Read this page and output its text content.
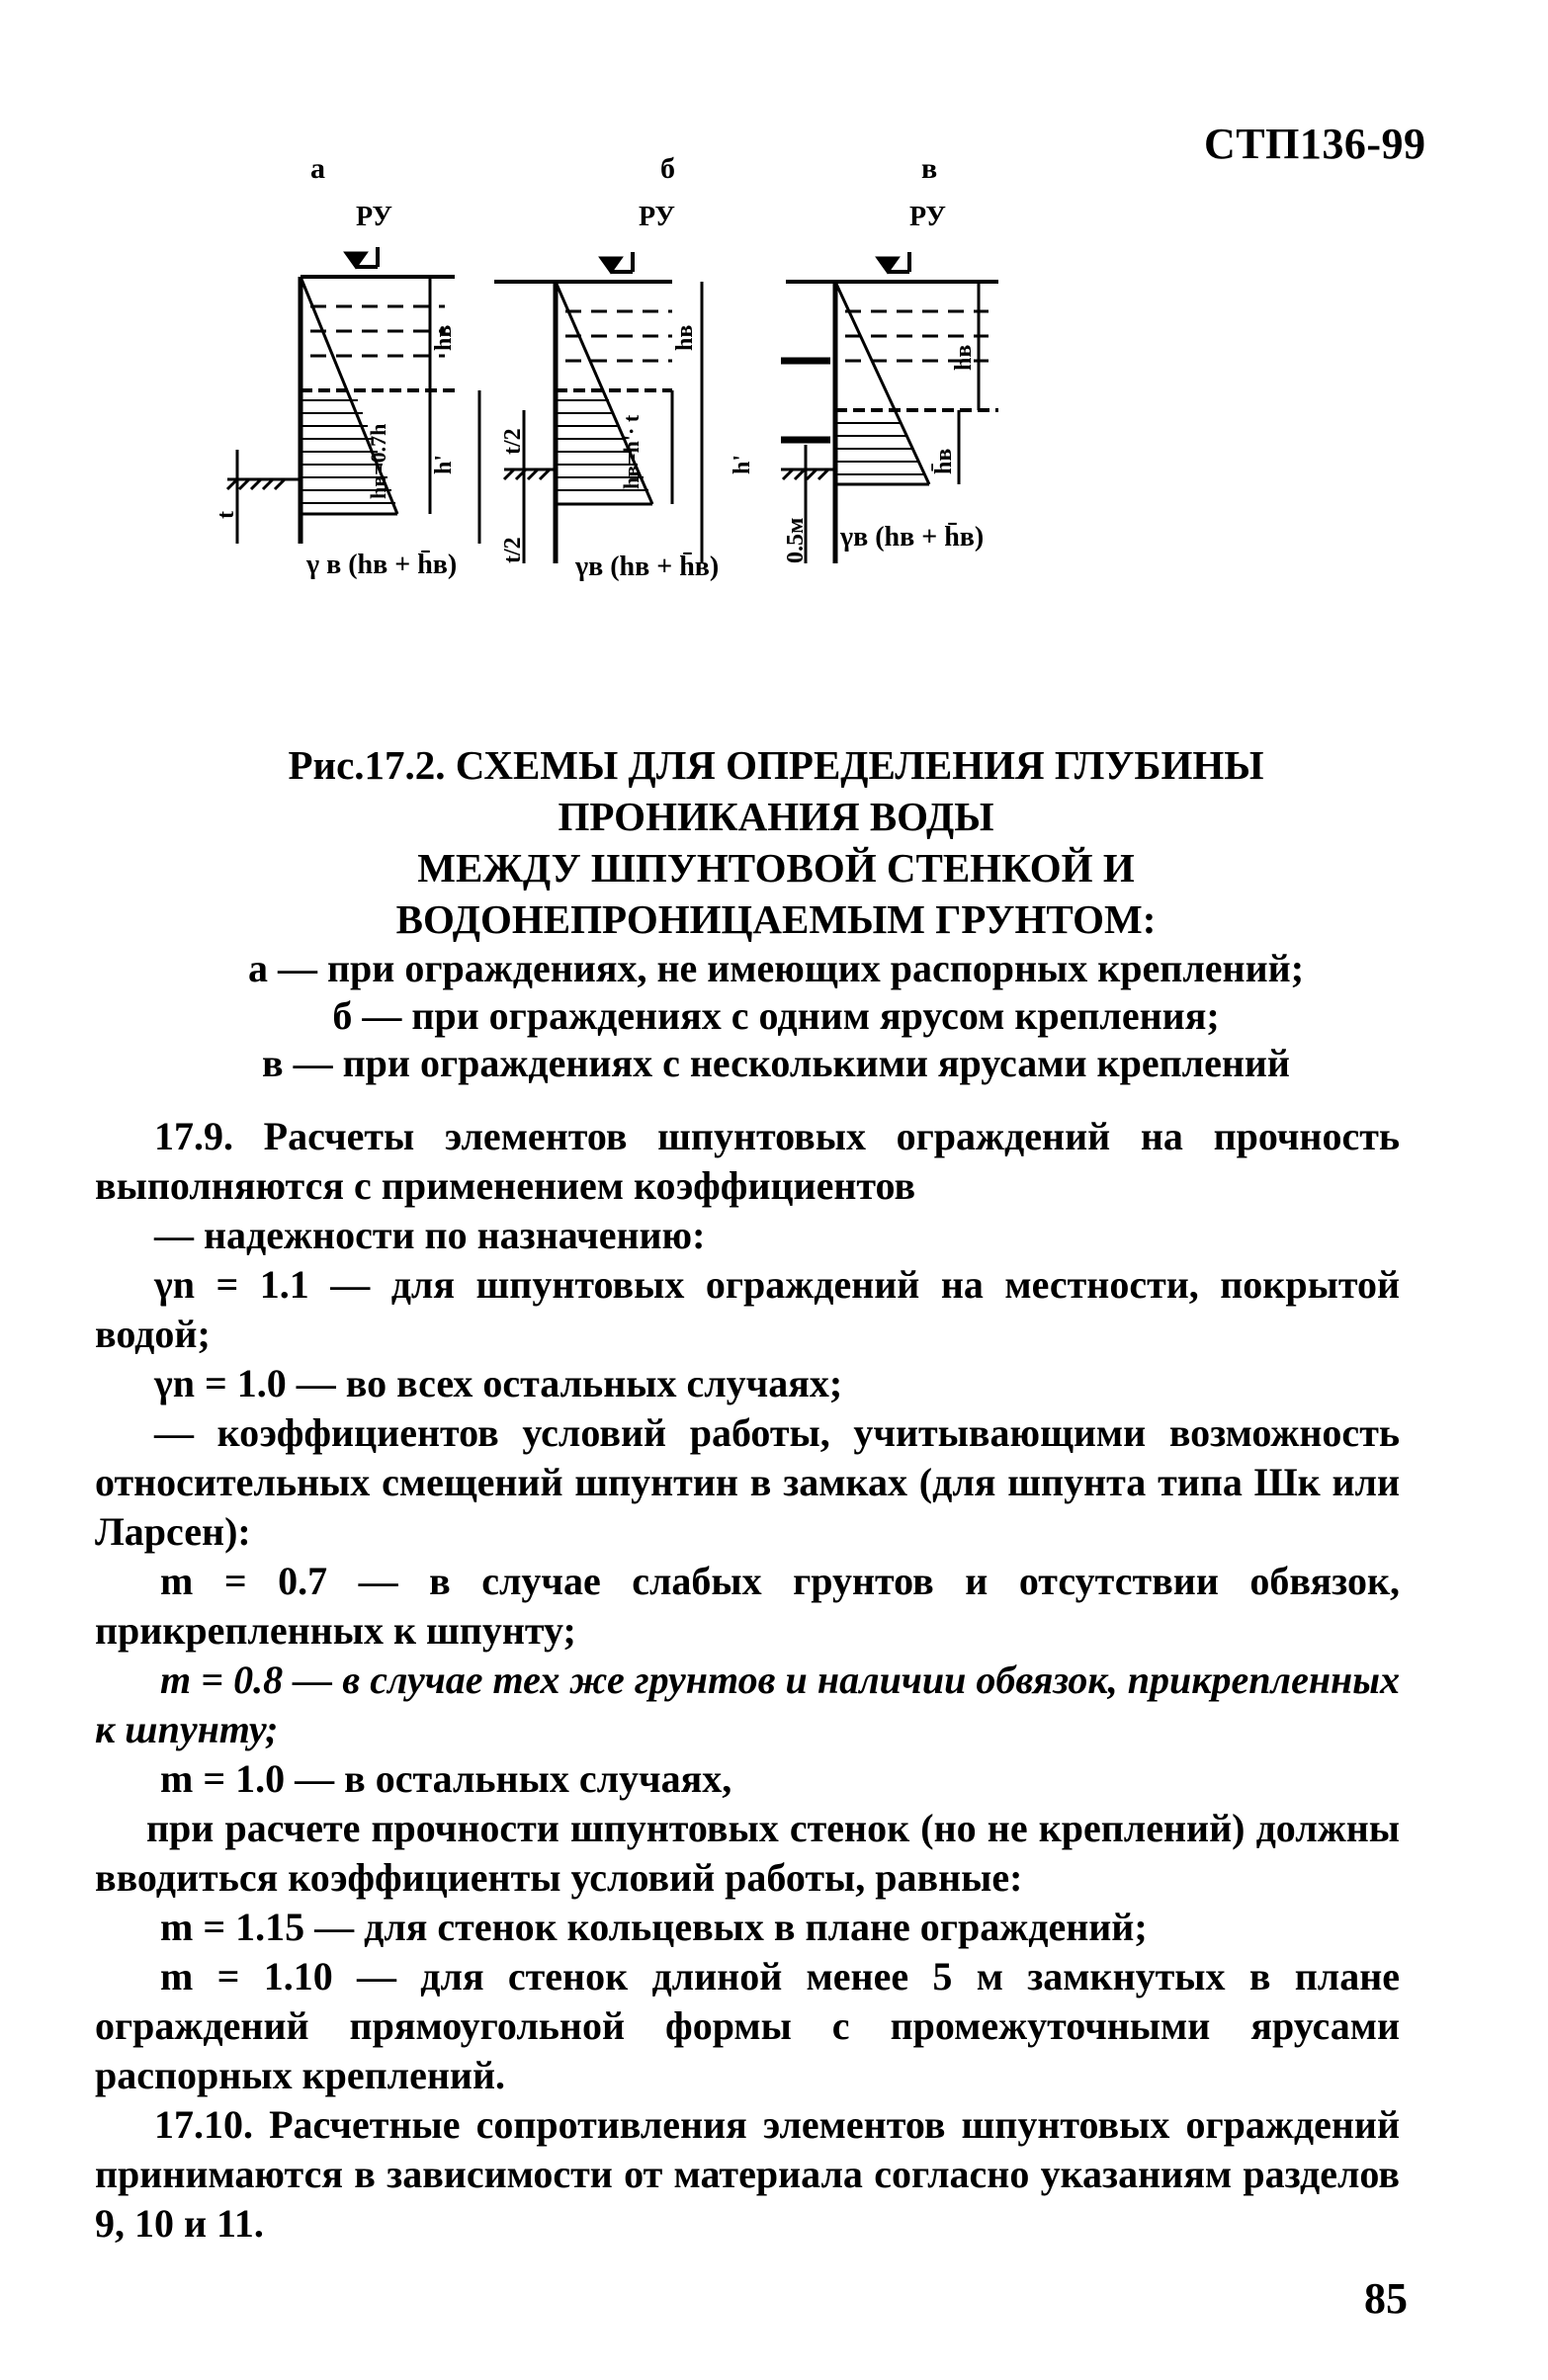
СТП136-99
а
РУ
б
РУ
в
РУ
hв
hв=0.7h h'
t
γ в (hв + h̄в)
hв
hв=h'· t	h'
t/2
t/2
γв (hв + h̄в)
hв
h̄в
0.5м γв (hв + h̄в)
Рис.17.2. СХЕМЫ ДЛЯ ОПРЕДЕЛЕНИЯ ГЛУБИНЫ ПРОНИКАНИЯ ВОДЫ
МЕЖДУ ШПУНТОВОЙ СТЕНКОЙ И ВОДОНЕПРОНИЦАЕМЫМ ГРУНТОМ:
а — при ограждениях, не имеющих распорных креплений;
б — при ограждениях с одним ярусом крепления;
в — при ограждениях с несколькими ярусами креплений

17.9. Расчеты элементов шпунтовых ограждений на прочность выполняются с применением коэффициентов

— надежности по назначению:

γn = 1.1 — для шпунтовых ограждений на местности, покрытой водой;

γn = 1.0 — во всех остальных случаях;

— коэффициентов условий работы, учитывающими возможность относительных смещений шпунтин в замках (для шпунта типа Шк или Ларсен):

m = 0.7 — в случае слабых грунтов и отсутствии обвязок, прикрепленных к шпунту;

m = 0.8 — в случае тех же грунтов и наличии обвязок, прикрепленных к шпунту;

m = 1.0 — в остальных случаях,

при расчете прочности шпунтовых стенок (но не креплений) должны вводиться коэффициенты условий работы, равные:

m = 1.15 — для стенок кольцевых в плане ограждений;

m = 1.10 — для стенок длиной менее 5 м замкнутых в плане ограждений прямоугольной формы с промежуточными ярусами распорных креплений.

17.10. Расчетные сопротивления элементов шпунтовых ограждений принимаются в зависимости от материала согласно указаниям разделов 9, 10 и 11.

85
